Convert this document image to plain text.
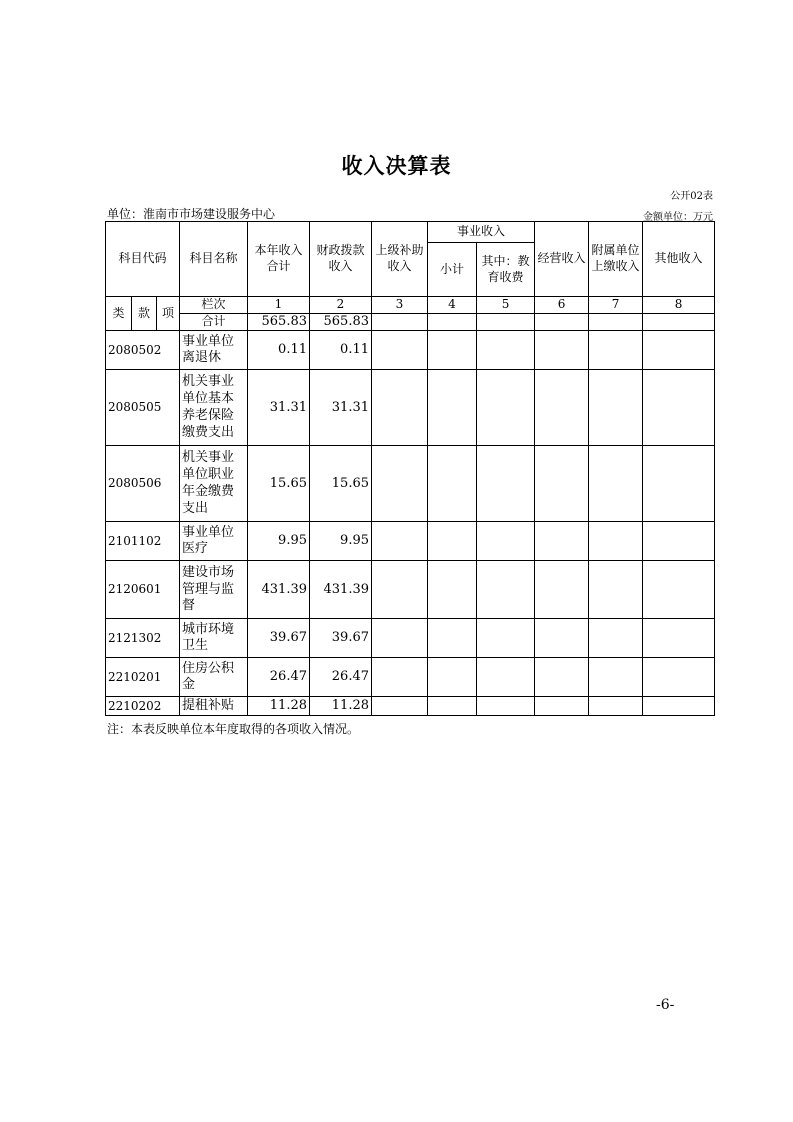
收入决算表
公开02表
单位：淮南市市场建设服务中心	金额单位：万元
科目代码			科目名称	本年收入合计	财政拨款收入	上级补助收入	事业收入		经营收入	附属单位上缴收入	其他收入
							小计	其中：教育收费			
类	款	项	栏次	1	2	3	4	5	6	7	8
			合计	565.83	565.83						
2080502			事业单位离退休	0.11	0.11						
2080505			机关事业单位基本养老保险缴费支出	31.31	31.31						
2080506			机关事业单位职业年金缴费支出	15.65	15.65						
2101102			事业单位医疗	9.95	9.95						
2120601			建设市场管理与监督	431.39	431.39						
2121302			城市环境卫生	39.67	39.67						
2210201			住房公积金	26.47	26.47						
2210202			提租补贴	11.28	11.28						
注：本表反映单位本年度取得的各项收入情况。
-6-
